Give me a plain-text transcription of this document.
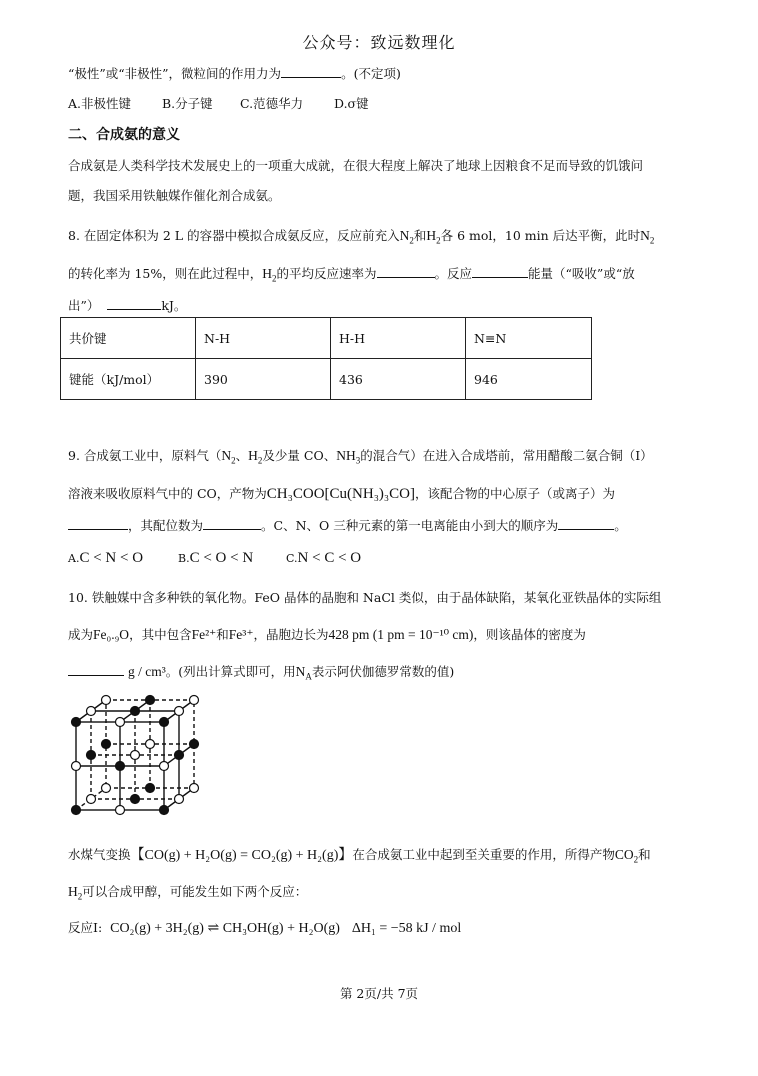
公众号：致远数理化
“极性”或“非极性”，微粒间的作用力为	。(不定项)
A.非极性键 B.分子键 C.范德华力 D.σ键
二、合成氨的意义
合成氨是人类科学技术发展史上的一项重大成就，在很大程度上解决了地球上因粮食不足而导致的饥饿问
题，我国采用铁触媒作催化剂合成氨。
8. 在固定体积为 2 L 的容器中模拟合成氨反应，反应前充入$N_2$和$H_2$各 6 mol，10 min 后达平衡，此时$N_2$
的转化率为 15%，则在此过程中，$H_2$的平均反应速率为	。反应	能量（“吸收”或“放
出”）	kJ。
共价键	N-H	H-H	N≡N
键能（kJ/mol）	390	436	946
9. 合成氨工业中，原料气（$N_2$、$H_2$及少量 CO、$NH_3$的混合气）在进入合成塔前，常用醋酸二氨合铜（I）
溶液来吸收原料气中的 CO，产物为CH₃COO[Cu(NH₃)₃CO]，该配合物的中心原子（或离子）为
，其配位数为	。C、N、O 三种元素的第一电离能由小到大的顺序为	。
A.C < N < O	B.C < O < N	C.N < C < O
10. 铁触媒中含多种铁的氧化物。FeO 晶体的晶胞和 NaCl 类似，由于晶体缺陷，某氧化亚铁晶体的实际组
成为Fe₀.₉O，其中包含Fe²⁺和Fe³⁺，晶胞边长为428 pm (1 pm = 10⁻¹⁰ cm)，则该晶体的密度为
g / cm³。(列出计算式即可，用$N_A$表示阿伏伽德罗常数的值)
水煤气变换【CO(g) + H₂O(g) = CO₂(g) + H₂(g)】在合成氨工业中起到至关重要的作用，所得产物$CO_2$和
$H_2$可以合成甲醇，可能发生如下两个反应：
反应I: CO₂(g) + 3H₂(g) ⇌ CH₃OH(g) + H₂O(g) ΔH₁ = −58 kJ / mol
第 2页/共 7页
